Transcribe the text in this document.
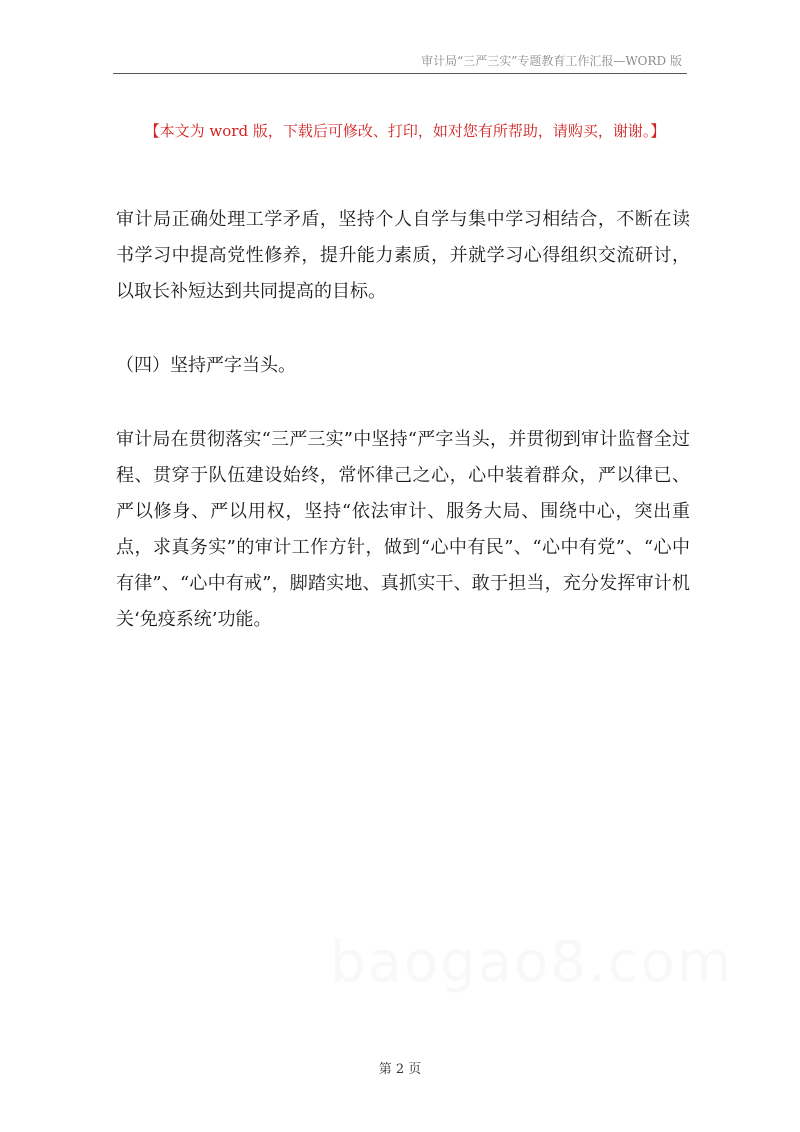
审计局“三严三实”专题教育工作汇报—WORD 版
【本文为 word 版，下载后可修改、打印，如对您有所帮助，请购买，谢谢。】

审计局正确处理工学矛盾，坚持个人自学与集中学习相结合，不断在读书学习中提高党性修养，提升能力素质，并就学习心得组织交流研讨，以取长补短达到共同提高的目标。

（四）坚持严字当头。

审计局在贯彻落实“三严三实”中坚持“严字当头，并贯彻到审计监督全过程、贯穿于队伍建设始终，常怀律己之心，心中装着群众，严以律已、严以修身、严以用权，坚持“依法审计、服务大局、围绕中心，突出重点，求真务实”的审计工作方针，做到“心中有民”、“心中有党”、“心中有律”、“心中有戒”，脚踏实地、真抓实干、敢于担当，充分发挥审计机关‘免疫系统’功能。

baogao8.com
第 2 页
